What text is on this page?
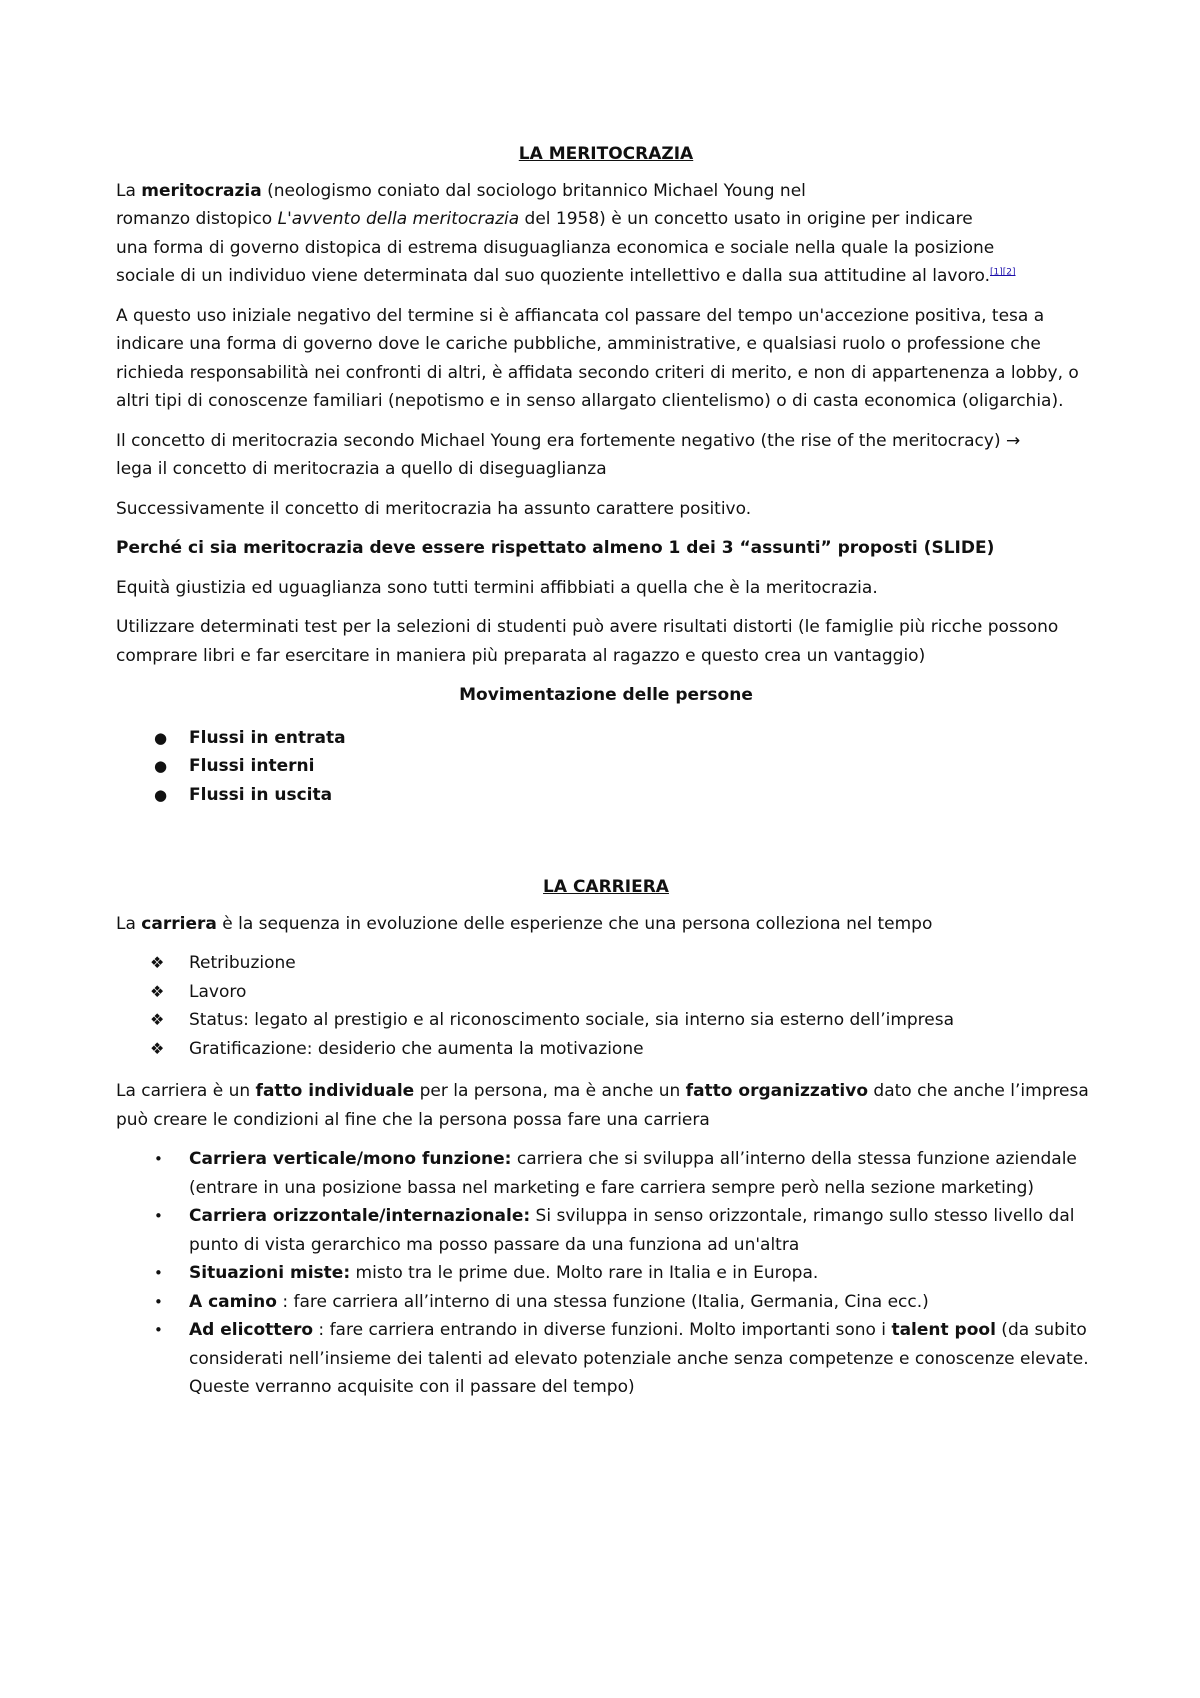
LA MERITOCRAZIA

La meritocrazia (neologismo coniato dal sociologo britannico Michael Young nel
romanzo distopico L'avvento della meritocrazia del 1958) è un concetto usato in origine per indicare
una forma di governo distopica di estrema disuguaglianza economica e sociale nella quale la posizione
sociale di un individuo viene determinata dal suo quoziente intellettivo e dalla sua attitudine al lavoro.[1][2]

A questo uso iniziale negativo del termine si è affiancata col passare del tempo un'accezione positiva, tesa a indicare una forma di governo dove le cariche pubbliche, amministrative, e qualsiasi ruolo o professione che richieda responsabilità nei confronti di altri, è affidata secondo criteri di merito, e non di appartenenza a lobby, o altri tipi di conoscenze familiari (nepotismo e in senso allargato clientelismo) o di casta economica (oligarchia).

Il concetto di meritocrazia secondo Michael Young era fortemente negativo (the rise of the meritocracy) →
lega il concetto di meritocrazia a quello di diseguaglianza

Successivamente il concetto di meritocrazia ha assunto carattere positivo.

Perché ci sia meritocrazia deve essere rispettato almeno 1 dei 3 “assunti” proposti (SLIDE)

Equità giustizia ed uguaglianza sono tutti termini affibbiati a quella che è la meritocrazia.

Utilizzare determinati test per la selezioni di studenti può avere risultati distorti (le famiglie più ricche possono comprare libri e far esercitare in maniera più preparata al ragazzo e questo crea un vantaggio)

Movimentazione delle persone
● Flussi in entrata
● Flussi interni
● Flussi in uscita
LA CARRIERA

La carriera è la sequenza in evoluzione delle esperienze che una persona colleziona nel tempo

❖ Retribuzione
❖ Lavoro
❖ Status: legato al prestigio e al riconoscimento sociale, sia interno sia esterno dell’impresa
❖ Gratificazione: desiderio che aumenta la motivazione

La carriera è un fatto individuale per la persona, ma è anche un fatto organizzativo dato che anche l’impresa può creare le condizioni al fine che la persona possa fare una carriera

• Carriera verticale/mono funzione: carriera che si sviluppa all’interno della stessa funzione aziendale (entrare in una posizione bassa nel marketing e fare carriera sempre però nella sezione marketing)
• Carriera orizzontale/internazionale: Si sviluppa in senso orizzontale, rimango sullo stesso livello dal punto di vista gerarchico ma posso passare da una funziona ad un'altra
• Situazioni miste: misto tra le prime due. Molto rare in Italia e in Europa.
• A camino : fare carriera all’interno di una stessa funzione (Italia, Germania, Cina ecc.)
• Ad elicottero : fare carriera entrando in diverse funzioni. Molto importanti sono i talent pool (da subito considerati nell’insieme dei talenti ad elevato potenziale anche senza competenze e conoscenze elevate. Queste verranno acquisite con il passare del tempo)
